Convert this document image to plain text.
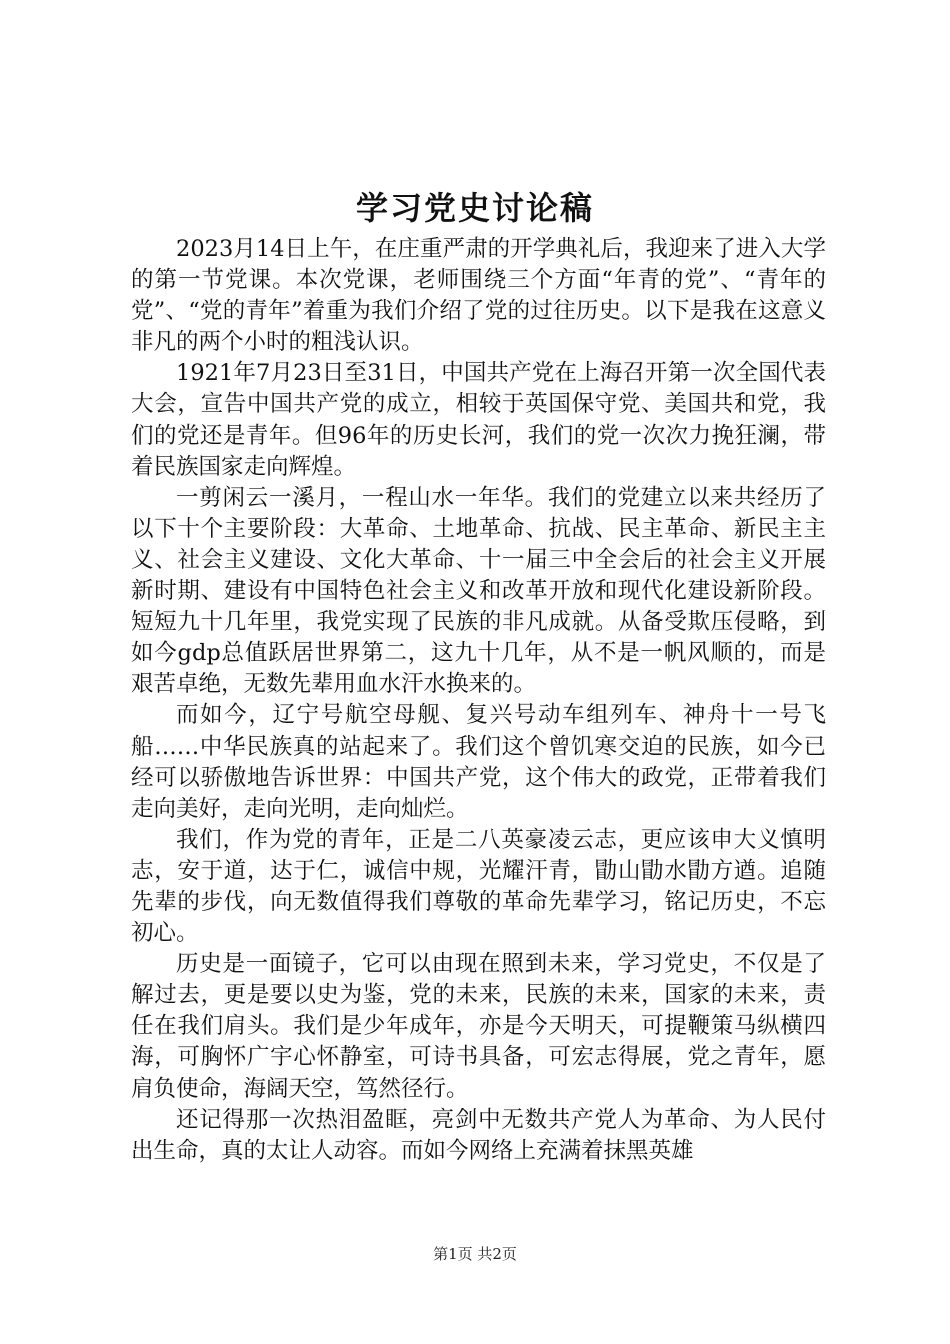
学习党史讨论稿

2023月14日上午，在庄重严肃的开学典礼后，我迎来了进入大学的第一节党课。本次党课，老师围绕三个方面“年青的党”、“青年的党”、“党的青年”着重为我们介绍了党的过往历史。以下是我在这意义非凡的两个小时的粗浅认识。

1921年7月23日至31日，中国共产党在上海召开第一次全国代表大会，宣告中国共产党的成立，相较于英国保守党、美国共和党，我们的党还是青年。但96年的历史长河，我们的党一次次力挽狂澜，带着民族国家走向辉煌。

一剪闲云一溪月，一程山水一年华。我们的党建立以来共经历了以下十个主要阶段：大革命、土地革命、抗战、民主革命、新民主主义、社会主义建设、文化大革命、十一届三中全会后的社会主义开展新时期、建设有中国特色社会主义和改革开放和现代化建设新阶段。短短九十几年里，我党实现了民族的非凡成就。从备受欺压侵略，到如今gdp总值跃居世界第二，这九十几年，从不是一帆风顺的，而是艰苦卓绝，无数先辈用血水汗水换来的。

而如今，辽宁号航空母舰、复兴号动车组列车、神舟十一号飞船……中华民族真的站起来了。我们这个曾饥寒交迫的民族，如今已经可以骄傲地告诉世界：中国共产党，这个伟大的政党，正带着我们走向美好，走向光明，走向灿烂。

我们，作为党的青年，正是二八英豪凌云志，更应该申大义慎明志，安于道，达于仁，诚信中规，光耀汗青，勖山勖水勖方遒。追随先辈的步伐，向无数值得我们尊敬的革命先辈学习，铭记历史，不忘初心。

历史是一面镜子，它可以由现在照到未来，学习党史，不仅是了解过去，更是要以史为鉴，党的未来，民族的未来，国家的未来，责任在我们肩头。我们是少年成年，亦是今天明天，可提鞭策马纵横四海，可胸怀广宇心怀静室，可诗书具备，可宏志得展，党之青年，愿肩负使命，海阔天空，笃然径行。

还记得那一次热泪盈眶，亮剑中无数共产党人为革命、为人民付出生命，真的太让人动容。而如今网络上充满着抹黑英雄

第1页 共2页
